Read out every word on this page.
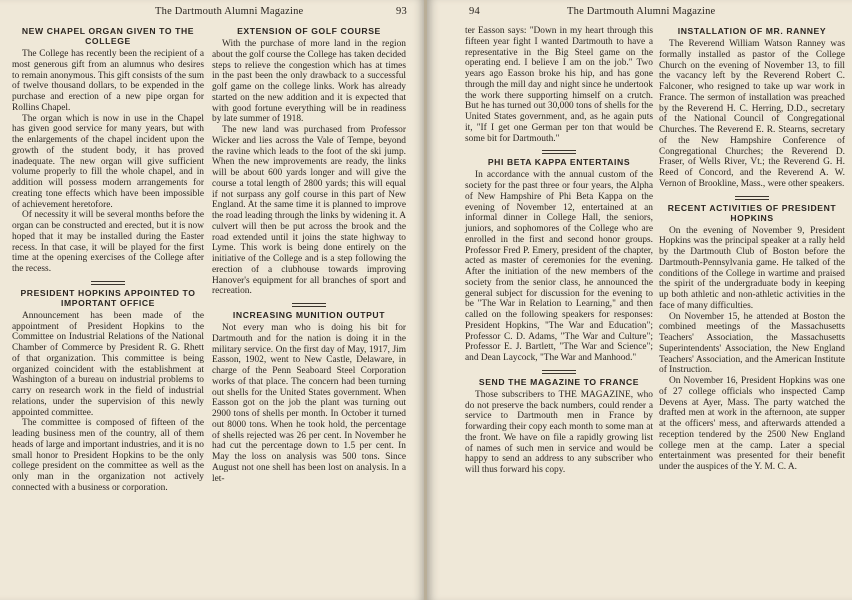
The Dartmouth Alumni Magazine	93
NEW CHAPEL ORGAN GIVEN TO THE COLLEGE

The College has recently been the recipient of a most generous gift from an alumnus who desires to remain anonymous. This gift consists of the sum of twelve thousand dollars, to be expended in the purchase and erection of a new pipe organ for Rollins Chapel.

The organ which is now in use in the Chapel has given good service for many years, but with the enlargements of the chapel incident upon the growth of the student body, it has proved inadequate. The new organ will give sufficient volume properly to fill the whole chapel, and in addition will possess modern arrangements for creating tone effects which have been impossible of achievement heretofore.

Of necessity it will be several months before the organ can be constructed and erected, but it is now hoped that it may be installed during the Easter recess. In that case, it will be played for the first time at the opening exercises of the College after the recess.

PRESIDENT HOPKINS APPOINTED TO IMPORTANT OFFICE

Announcement has been made of the appointment of President Hopkins to the Committee on Industrial Relations of the National Chamber of Commerce by President R. G. Rhett of that organization. This committee is being organized coincident with the establishment at Washington of a bureau on industrial problems to carry on research work in the field of industrial relations, under the supervision of this newly appointed committee.

The committee is composed of fifteen of the leading business men of the country, all of them heads of large and important industries, and it is no small honor to President Hopkins to be the only college president on the committee as well as the only man in the organization not actively connected with a business or corporation.

EXTENSION OF GOLF COURSE

With the purchase of more land in the region about the golf course the College has taken decided steps to relieve the congestion which has at times in the past been the only drawback to a successful golf game on the college links. Work has already started on the new addition and it is expected that with good fortune everything will be in readiness by late summer of 1918.

The new land was purchased from Professor Wicker and lies across the Vale of Tempe, beyond the ravine which leads to the foot of the ski jump. When the new improvements are ready, the links will be about 600 yards longer and will give the course a total length of 2800 yards; this will equal if not surpass any golf course in this part of New England. At the same time it is planned to improve the road leading through the links by widening it. A culvert will then be put across the brook and the road extended until it joins the state highway to Lyme. This work is being done entirely on the initiative of the College and is a step following the erection of a clubhouse towards improving Hanover's equipment for all branches of sport and recreation.

INCREASING MUNITION OUTPUT

Not every man who is doing his bit for Dartmouth and for the nation is doing it in the military service. On the first day of May, 1917, Jim Easson, 1902, went to New Castle, Delaware, in charge of the Penn Seaboard Steel Corporation works of that place. The concern had been turning out shells for the United States government. When Easson got on the job the plant was turning out 2900 tons of shells per month. In October it turned out 8000 tons. When he took hold, the percentage of shells rejected was 26 per cent. In November he had cut the percentage down to 1.5 per cent. In May the loss on analysis was 500 tons. Since August not one shell has been lost on analysis. In a let-

94	The Dartmouth Alumni Magazine

ter Easson says: "Down in my heart through this fifteen year fight I wanted Dartmouth to have a representative in the Big Steel game on the operating end. I believe I am on the job." Two years ago Easson broke his hip, and has gone through the mill day and night since he undertook the work there supporting himself on a crutch. But he has turned out 30,000 tons of shells for the United States government, and, as he again puts it, "If I get one German per ton that would be some bit for Dartmouth."

PHI BETA KAPPA ENTERTAINS

In accordance with the annual custom of the society for the past three or four years, the Alpha of New Hampshire of Phi Beta Kappa on the evening of November 12, entertained at an informal dinner in College Hall, the seniors, juniors, and sophomores of the College who are enrolled in the first and second honor groups. Professor Fred P. Emery, president of the chapter, acted as master of ceremonies for the evening. After the initiation of the new members of the society from the senior class, he announced the general subject for discussion for the evening to be "The War in Relation to Learning," and then called on the following speakers for responses: President Hopkins, "The War and Education"; Professor C. D. Adams, "The War and Culture"; Professor E. J. Bartlett, "The War and Science"; and Dean Laycock, "The War and Manhood."

SEND THE MAGAZINE TO FRANCE

Those subscribers to THE MAGAZINE, who do not preserve the back numbers, could render a service to Dartmouth men in France by forwarding their copy each month to some man at the front. We have on file a rapidly growing list of names of such men in service and would be happy to send an address to any subscriber who will thus forward his copy.

INSTALLATION OF MR. RANNEY

The Reverend William Watson Ranney was formally installed as pastor of the College Church on the evening of November 13, to fill the vacancy left by the Reverend Robert C. Falconer, who resigned to take up war work in France. The sermon of installation was preached by the Reverend H. C. Herring, D.D., secretary of the National Council of Congregational Churches. The Reverend E. R. Stearns, secretary of the New Hampshire Conference of Congregational Churches; the Reverend D. Fraser, of Wells River, Vt.; the Reverend G. H. Reed of Concord, and the Reverend A. W. Vernon of Brookline, Mass., were other speakers.

RECENT ACTIVITIES OF PRESIDENT HOPKINS

On the evening of November 9, President Hopkins was the principal speaker at a rally held by the Dartmouth Club of Boston before the Dartmouth-Pennsylvania game. He talked of the conditions of the College in wartime and praised the spirit of the undergraduate body in keeping up both athletic and non-athletic activities in the face of many difficulties.

On November 15, he attended at Boston the combined meetings of the Massachusetts Teachers' Association, the Massachusetts Superintendents' Association, the New England Teachers' Association, and the American Institute of Instruction.

On November 16, President Hopkins was one of 27 college officials who inspected Camp Devens at Ayer, Mass. The party watched the drafted men at work in the afternoon, ate supper at the officers' mess, and afterwards attended a reception tendered by the 2500 New England college men at the camp. Later a special entertainment was presented for their benefit under the auspices of the Y. M. C. A.
